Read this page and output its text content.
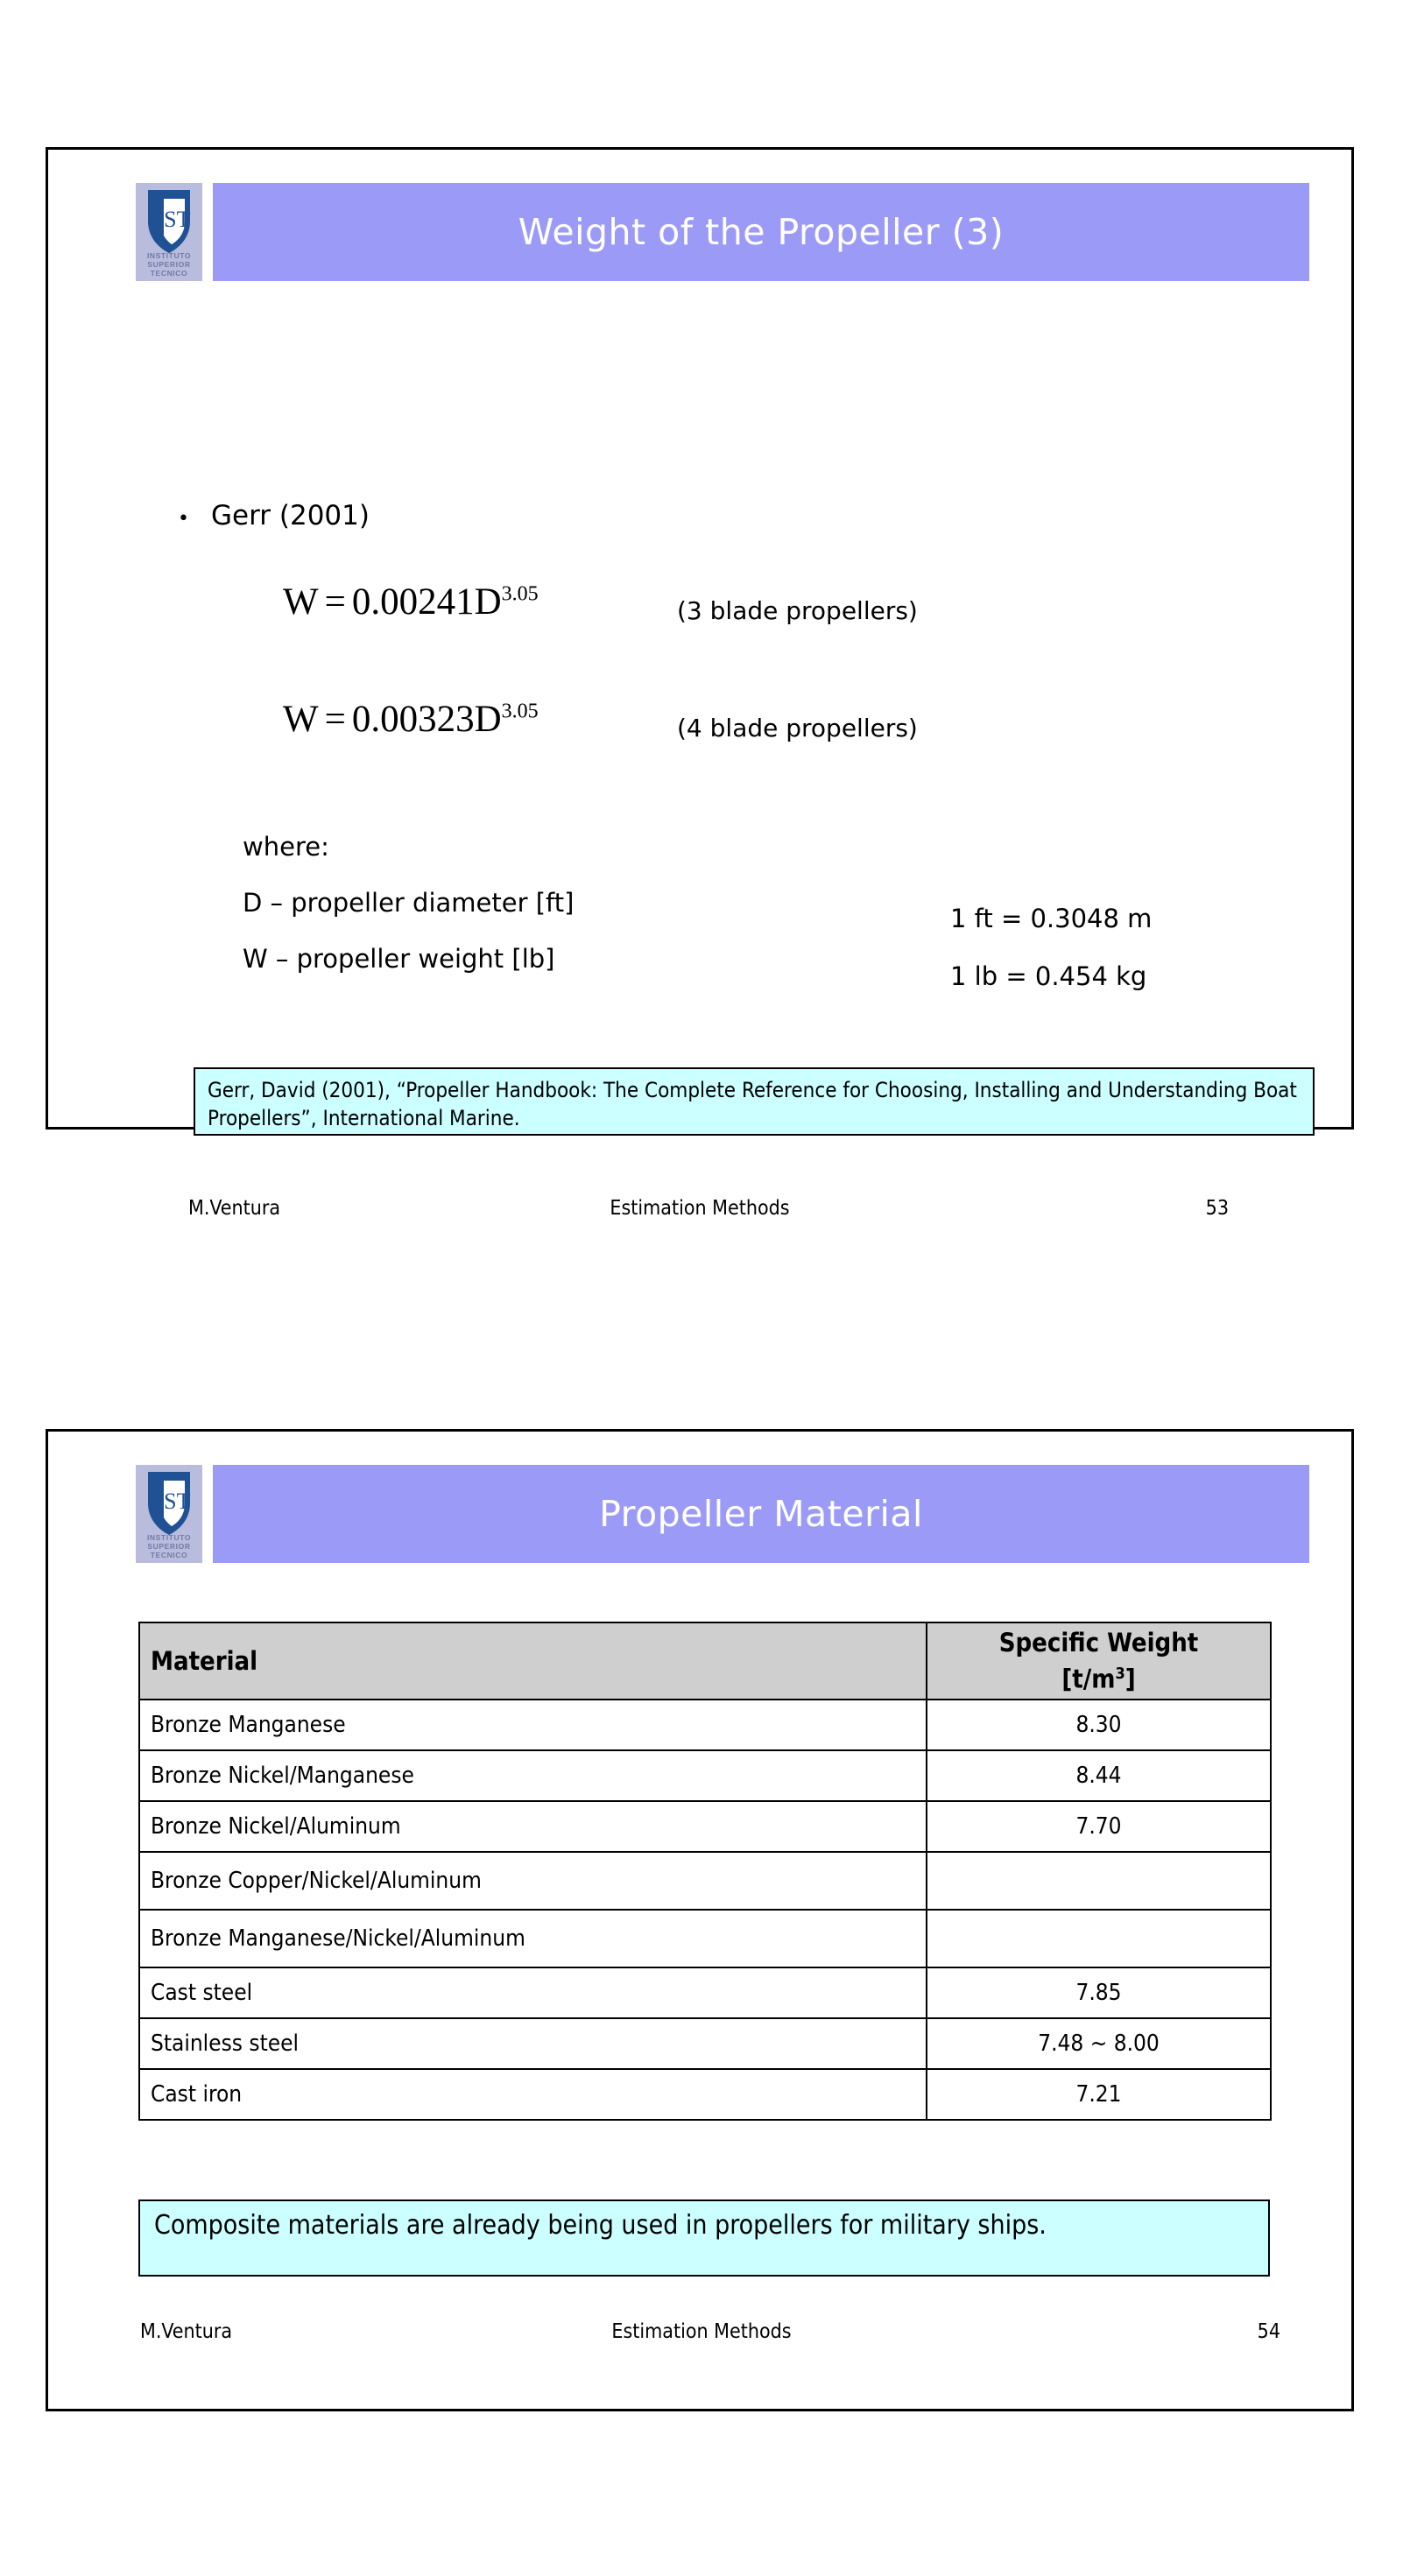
IST
INSTITUTO
SUPERIOR
TECNICO
Weight of the Propeller (3)
• Gerr (2001)
$W = 0.00241D^{3.05}$
(3 blade propellers)
$W = 0.00323D^{3.05}$
(4 blade propellers)
where:
D – propeller diameter [ft]
W – propeller weight [lb]
1 ft = 0.3048 m
1 lb = 0.454 kg
Gerr, David (2001), “Propeller Handbook: The Complete Reference for Choosing, Installing and Understanding Boat Propellers”, International Marine.
M.Ventura	Estimation Methods	53
IST
INSTITUTO
SUPERIOR
TECNICO
Propeller Material
Material	Specific Weight
$[t/m^3]$
Bronze Manganese	8.30
Bronze Nickel/Manganese	8.44
Bronze Nickel/Aluminum	7.70
Bronze Copper/Nickel/Aluminum	
Bronze Manganese/Nickel/Aluminum	
Cast steel	7.85
Stainless steel	7.48 ~ 8.00
Cast iron	7.21
Composite materials are already being used in propellers for military ships.
M.Ventura	Estimation Methods	54
